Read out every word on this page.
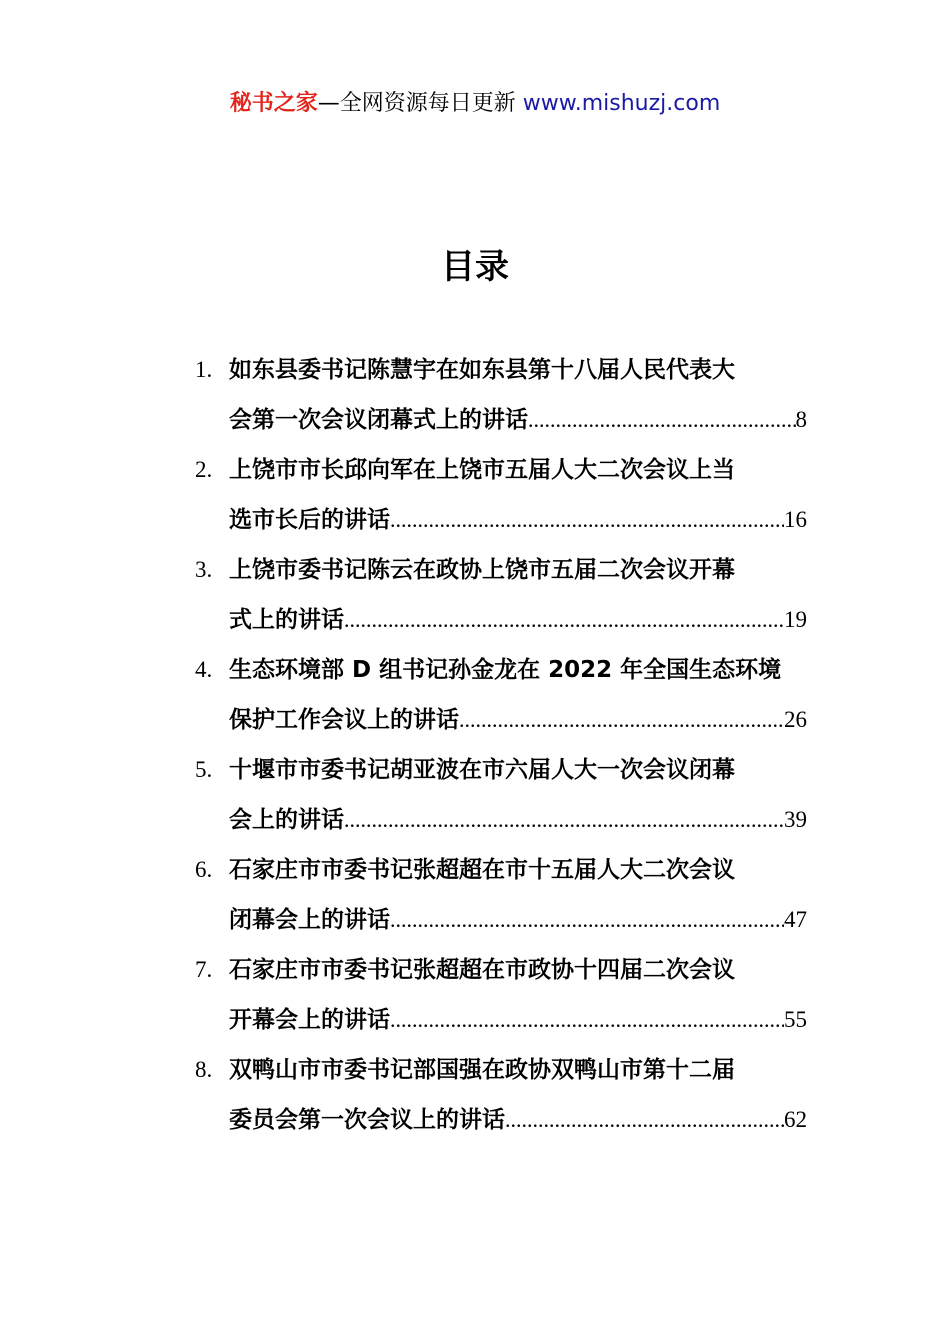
秘书之家—全网资源每日更新 www.mishuzj.com
目录
1. 如东县委书记陈慧宇在如东县第十八届人民代表大
会第一次会议闭幕式上的讲话 .....	8
2. 上饶市市长邱向军在上饶市五届人大二次会议上当
选市长后的讲话 .....	16
3. 上饶市委书记陈云在政协上饶市五届二次会议开幕
式上的讲话 .....	19
4. 生态环境部 D 组书记孙金龙在 2022 年全国生态环境
保护工作会议上的讲话 .....	26
5. 十堰市市委书记胡亚波在市六届人大一次会议闭幕
会上的讲话 .....	39
6. 石家庄市市委书记张超超在市十五届人大二次会议
闭幕会上的讲话 .....	47
7. 石家庄市市委书记张超超在市政协十四届二次会议
开幕会上的讲话 .....	55
8. 双鸭山市市委书记部国强在政协双鸭山市第十二届
委员会第一次会议上的讲话 .....	62
